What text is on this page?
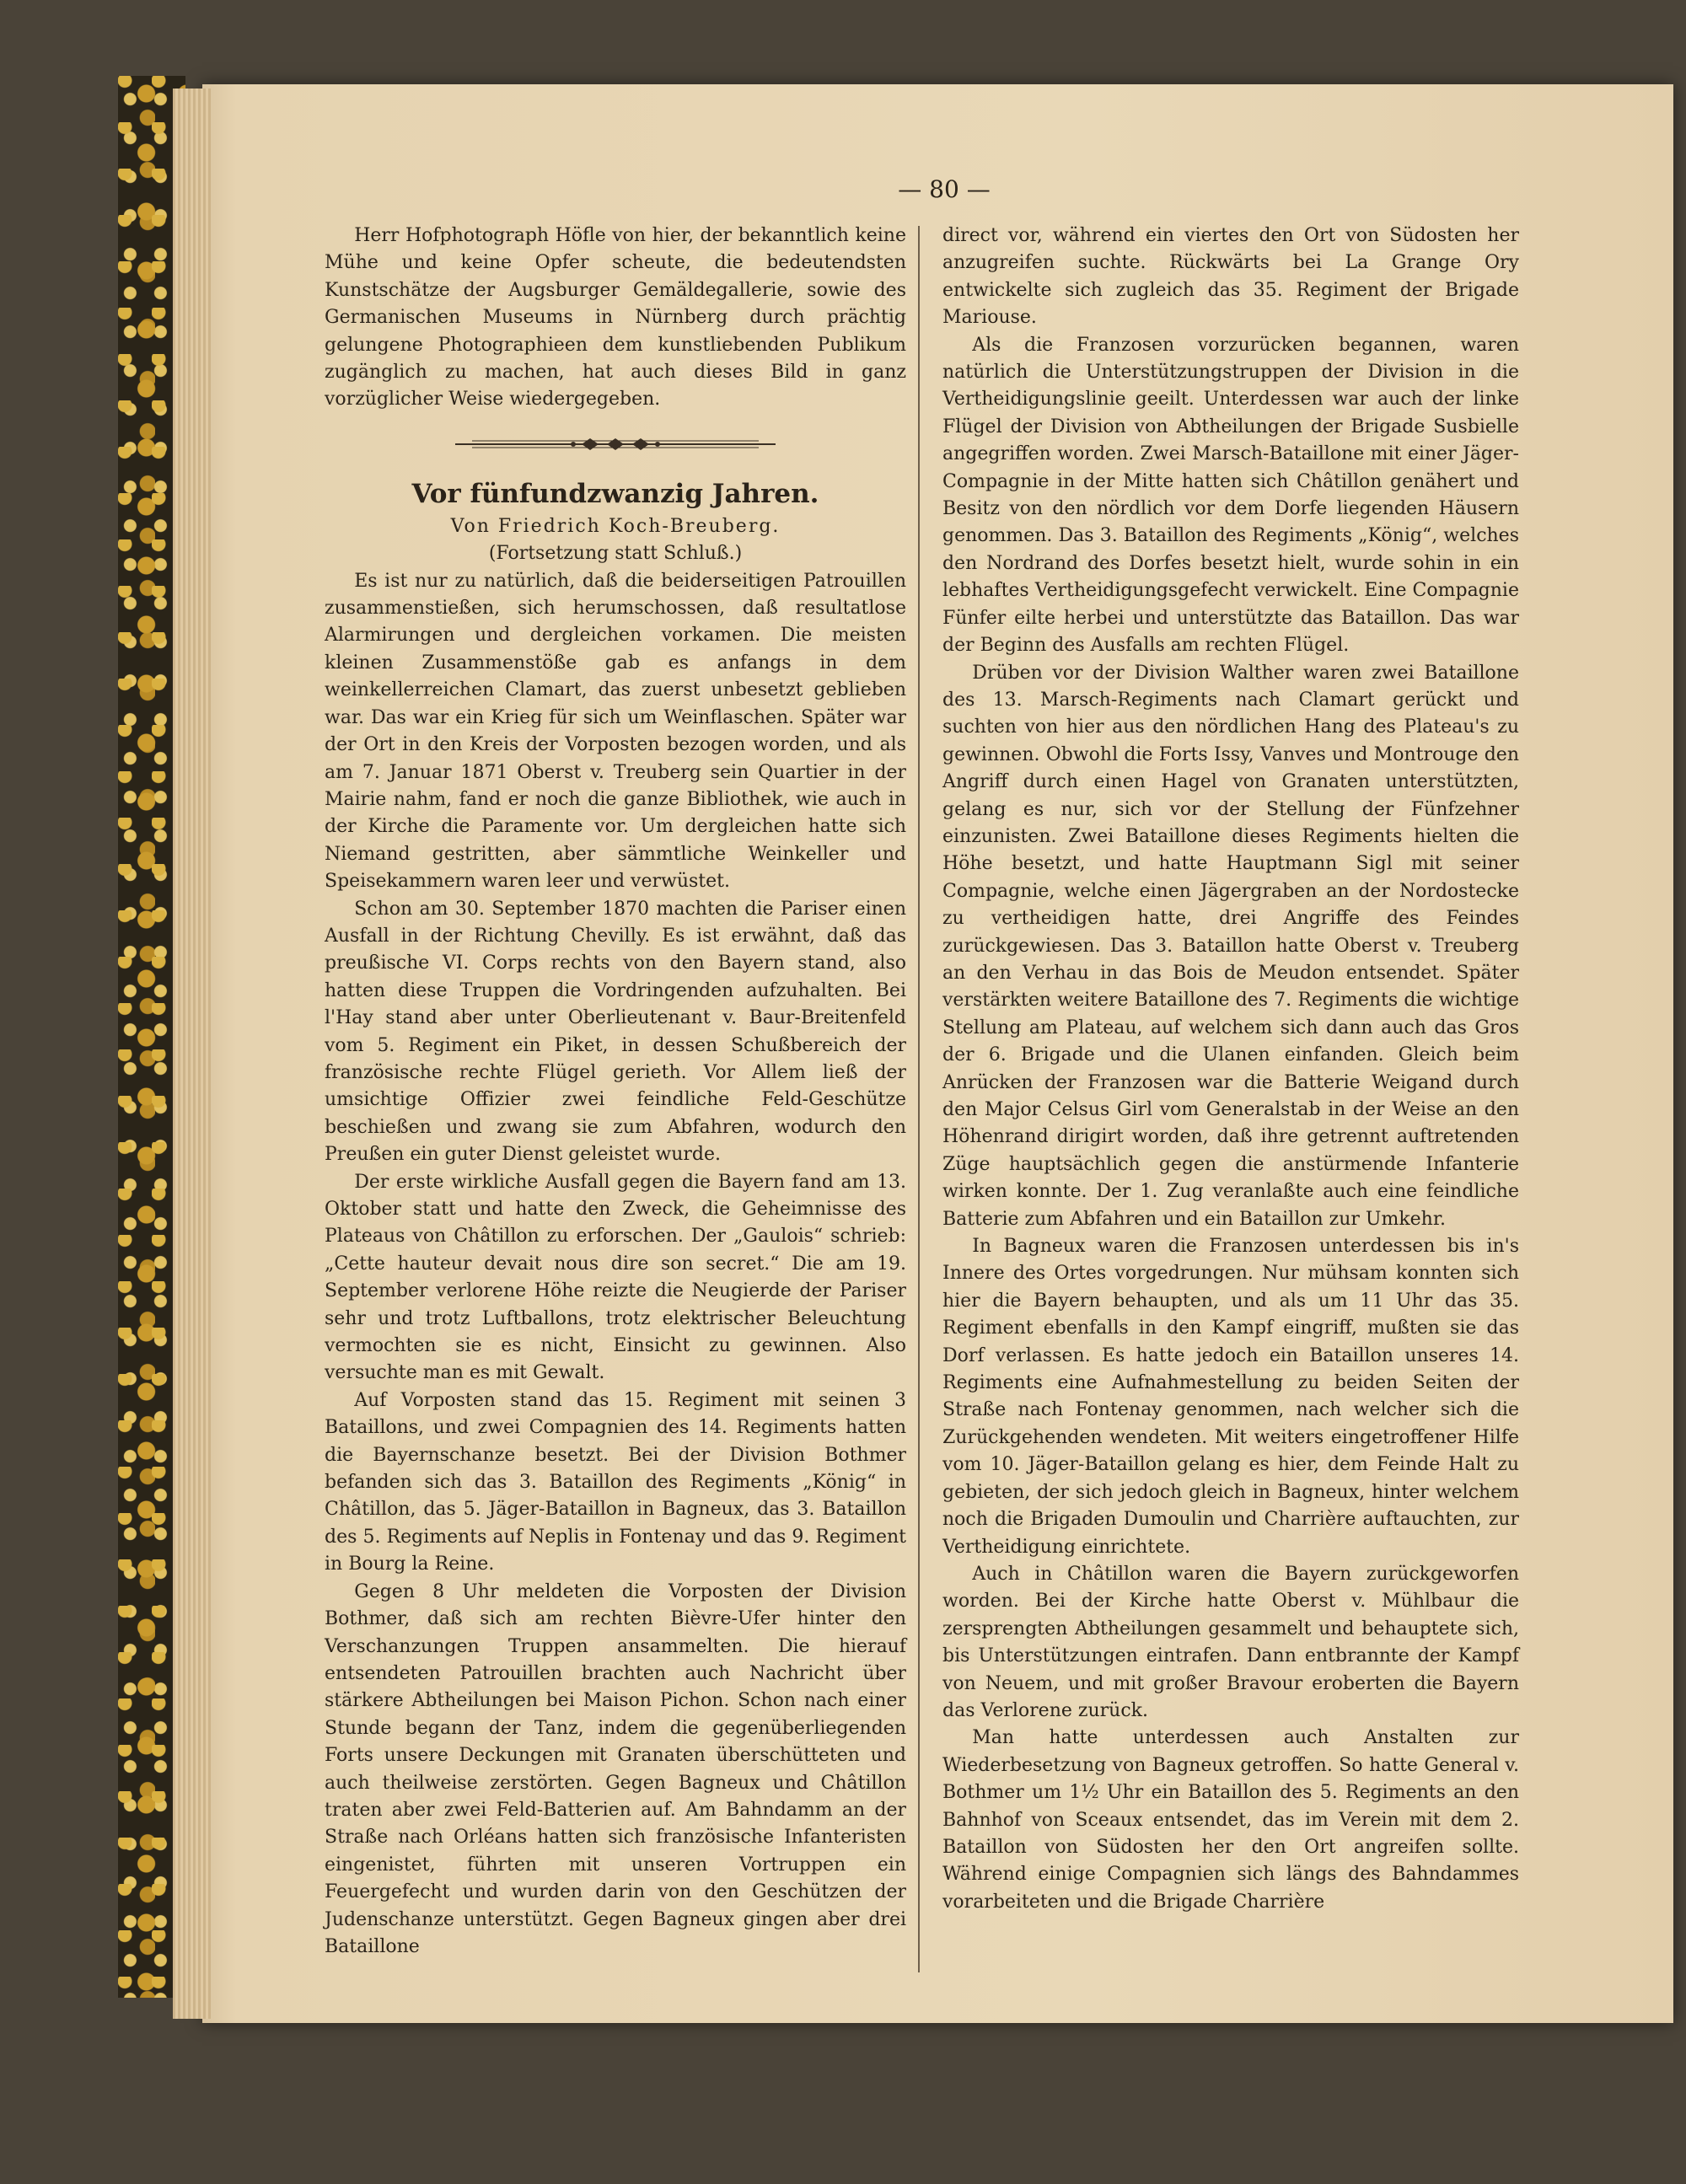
— 80 —

Herr Hofphotograph Höfle von hier, der bekanntlich keine Mühe und keine Opfer scheute, die bedeutendsten Kunstschätze der Augsburger Gemäldegallerie, sowie des Germanischen Museums in Nürnberg durch prächtig gelungene Photographieen dem kunstliebenden Publikum zugänglich zu machen, hat auch dieses Bild in ganz vorzüglicher Weise wiedergegeben.

Vor fünfundzwanzig Jahren.

Von Friedrich Koch-Breuberg.

(Fortsetzung statt Schluß.)

Es ist nur zu natürlich, daß die beiderseitigen Patrouillen zusammenstießen, sich herumschossen, daß resultatlose Alarmirungen und dergleichen vorkamen. Die meisten kleinen Zusammenstöße gab es anfangs in dem weinkellerreichen Clamart, das zuerst unbesetzt geblieben war. Das war ein Krieg für sich um Weinflaschen. Später war der Ort in den Kreis der Vorposten bezogen worden, und als am 7. Januar 1871 Oberst v. Treuberg sein Quartier in der Mairie nahm, fand er noch die ganze Bibliothek, wie auch in der Kirche die Paramente vor. Um dergleichen hatte sich Niemand gestritten, aber sämmtliche Weinkeller und Speisekammern waren leer und verwüstet.

Schon am 30. September 1870 machten die Pariser einen Ausfall in der Richtung Chevilly. Es ist erwähnt, daß das preußische VI. Corps rechts von den Bayern stand, also hatten diese Truppen die Vordringenden aufzuhalten. Bei l'Hay stand aber unter Oberlieutenant v. Baur-Breitenfeld vom 5. Regiment ein Piket, in dessen Schußbereich der französische rechte Flügel gerieth. Vor Allem ließ der umsichtige Offizier zwei feindliche Feld-Geschütze beschießen und zwang sie zum Abfahren, wodurch den Preußen ein guter Dienst geleistet wurde.

Der erste wirkliche Ausfall gegen die Bayern fand am 13. Oktober statt und hatte den Zweck, die Geheimnisse des Plateaus von Châtillon zu erforschen. Der „Gaulois“ schrieb: „Cette hauteur devait nous dire son secret.“ Die am 19. September verlorene Höhe reizte die Neugierde der Pariser sehr und trotz Luftballons, trotz elektrischer Beleuchtung vermochten sie es nicht, Einsicht zu gewinnen. Also versuchte man es mit Gewalt.

Auf Vorposten stand das 15. Regiment mit seinen 3 Bataillons, und zwei Compagnien des 14. Regiments hatten die Bayernschanze besetzt. Bei der Division Bothmer befanden sich das 3. Bataillon des Regiments „König“ in Châtillon, das 5. Jäger-Bataillon in Bagneux, das 3. Bataillon des 5. Regiments auf Neplis in Fontenay und das 9. Regiment in Bourg la Reine.

Gegen 8 Uhr meldeten die Vorposten der Division Bothmer, daß sich am rechten Bièvre-Ufer hinter den Verschanzungen Truppen ansammelten. Die hierauf entsendeten Patrouillen brachten auch Nachricht über stärkere Abtheilungen bei Maison Pichon. Schon nach einer Stunde begann der Tanz, indem die gegenüberliegenden Forts unsere Deckungen mit Granaten überschütteten und auch theilweise zerstörten. Gegen Bagneux und Châtillon traten aber zwei Feld-Batterien auf. Am Bahndamm an der Straße nach Orléans hatten sich französische Infanteristen eingenistet, führten mit unseren Vortruppen ein Feuergefecht und wurden darin von den Geschützen der Judenschanze unterstützt. Gegen Bagneux gingen aber drei Bataillone

direct vor, während ein viertes den Ort von Südosten her anzugreifen suchte. Rückwärts bei La Grange Ory entwickelte sich zugleich das 35. Regiment der Brigade Mariouse.

Als die Franzosen vorzurücken begannen, waren natürlich die Unterstützungstruppen der Division in die Vertheidigungslinie geeilt. Unterdessen war auch der linke Flügel der Division von Abtheilungen der Brigade Susbielle angegriffen worden. Zwei Marsch-Bataillone mit einer Jäger-Compagnie in der Mitte hatten sich Châtillon genähert und Besitz von den nördlich vor dem Dorfe liegenden Häusern genommen. Das 3. Bataillon des Regiments „König“, welches den Nordrand des Dorfes besetzt hielt, wurde sohin in ein lebhaftes Vertheidigungsgefecht verwickelt. Eine Compagnie Fünfer eilte herbei und unterstützte das Bataillon. Das war der Beginn des Ausfalls am rechten Flügel.

Drüben vor der Division Walther waren zwei Bataillone des 13. Marsch-Regiments nach Clamart gerückt und suchten von hier aus den nördlichen Hang des Plateau's zu gewinnen. Obwohl die Forts Issy, Vanves und Montrouge den Angriff durch einen Hagel von Granaten unterstützten, gelang es nur, sich vor der Stellung der Fünfzehner einzunisten. Zwei Bataillone dieses Regiments hielten die Höhe besetzt, und hatte Hauptmann Sigl mit seiner Compagnie, welche einen Jägergraben an der Nordostecke zu vertheidigen hatte, drei Angriffe des Feindes zurückgewiesen. Das 3. Bataillon hatte Oberst v. Treuberg an den Verhau in das Bois de Meudon entsendet. Später verstärkten weitere Bataillone des 7. Regiments die wichtige Stellung am Plateau, auf welchem sich dann auch das Gros der 6. Brigade und die Ulanen einfanden. Gleich beim Anrücken der Franzosen war die Batterie Weigand durch den Major Celsus Girl vom Generalstab in der Weise an den Höhenrand dirigirt worden, daß ihre getrennt auftretenden Züge hauptsächlich gegen die anstürmende Infanterie wirken konnte. Der 1. Zug veranlaßte auch eine feindliche Batterie zum Abfahren und ein Bataillon zur Umkehr.

In Bagneux waren die Franzosen unterdessen bis in's Innere des Ortes vorgedrungen. Nur mühsam konnten sich hier die Bayern behaupten, und als um 11 Uhr das 35. Regiment ebenfalls in den Kampf eingriff, mußten sie das Dorf verlassen. Es hatte jedoch ein Bataillon unseres 14. Regiments eine Aufnahmestellung zu beiden Seiten der Straße nach Fontenay genommen, nach welcher sich die Zurückgehenden wendeten. Mit weiters eingetroffener Hilfe vom 10. Jäger-Bataillon gelang es hier, dem Feinde Halt zu gebieten, der sich jedoch gleich in Bagneux, hinter welchem noch die Brigaden Dumoulin und Charrière auftauchten, zur Vertheidigung einrichtete.

Auch in Châtillon waren die Bayern zurückgeworfen worden. Bei der Kirche hatte Oberst v. Mühlbaur die zersprengten Abtheilungen gesammelt und behauptete sich, bis Unterstützungen eintrafen. Dann entbrannte der Kampf von Neuem, und mit großer Bravour eroberten die Bayern das Verlorene zurück.

Man hatte unterdessen auch Anstalten zur Wiederbesetzung von Bagneux getroffen. So hatte General v. Bothmer um 1½ Uhr ein Bataillon des 5. Regiments an den Bahnhof von Sceaux entsendet, das im Verein mit dem 2. Bataillon von Südosten her den Ort angreifen sollte. Während einige Compagnien sich längs des Bahndammes vorarbeiteten und die Brigade Charrière
